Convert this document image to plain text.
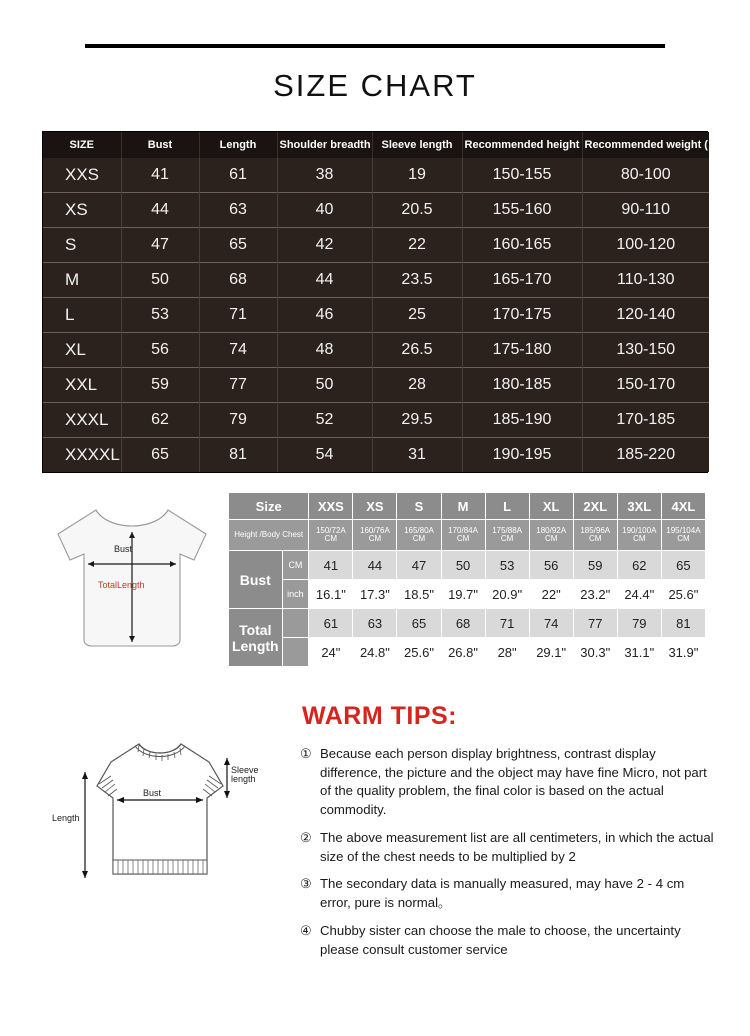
SIZE CHART
SIZE	Bust	Length	Shoulder breadth	Sleeve length	Recommended height	Recommended weight ( catty )
XXS	41	61	38	19	150-155	80-100
XS	44	63	40	20.5	155-160	90-110
S	47	65	42	22	160-165	100-120
M	50	68	44	23.5	165-170	110-130
L	53	71	46	25	170-175	120-140
XL	56	74	48	26.5	175-180	130-150
XXL	59	77	50	28	180-185	150-170
XXXL	62	79	52	29.5	185-190	170-185
XXXXL	65	81	54	31	190-195	185-220
Bust
TotalLength
Size		XXS	XS	S	M	L	XL	2XL	3XL	4XL
Height /Body Chest		150/72A CM	160/76A CM	165/80A CM	170/84A CM	175/88A CM	180/92A CM	185/96A CM	190/100A CM	195/104A CM
Bust	CM	41	44	47	50	53	56	59	62	65
	inch	16.1"	17.3"	18.5"	19.7"	20.9"	22"	23.2"	24.4"	25.6"
Total
Length		61	63	65	68	71	74	77	79	81
		24"	24.8"	25.6"	26.8"	28"	29.1"	30.3"	31.1"	31.9"
Bust
Length
Sleeve
length
WARM TIPS:
① Because each person display brightness, contrast display difference, the picture and the object may have fine Micro, not part of the quality problem, the final color is based on the actual commodity.
② The above measurement list are all centimeters, in which the actual size of the chest needs to be multiplied by 2
③ The secondary data is manually measured, may have 2 - 4 cm error, pure is normal。
④ Chubby sister can choose the male to choose, the uncertainty please consult customer service
